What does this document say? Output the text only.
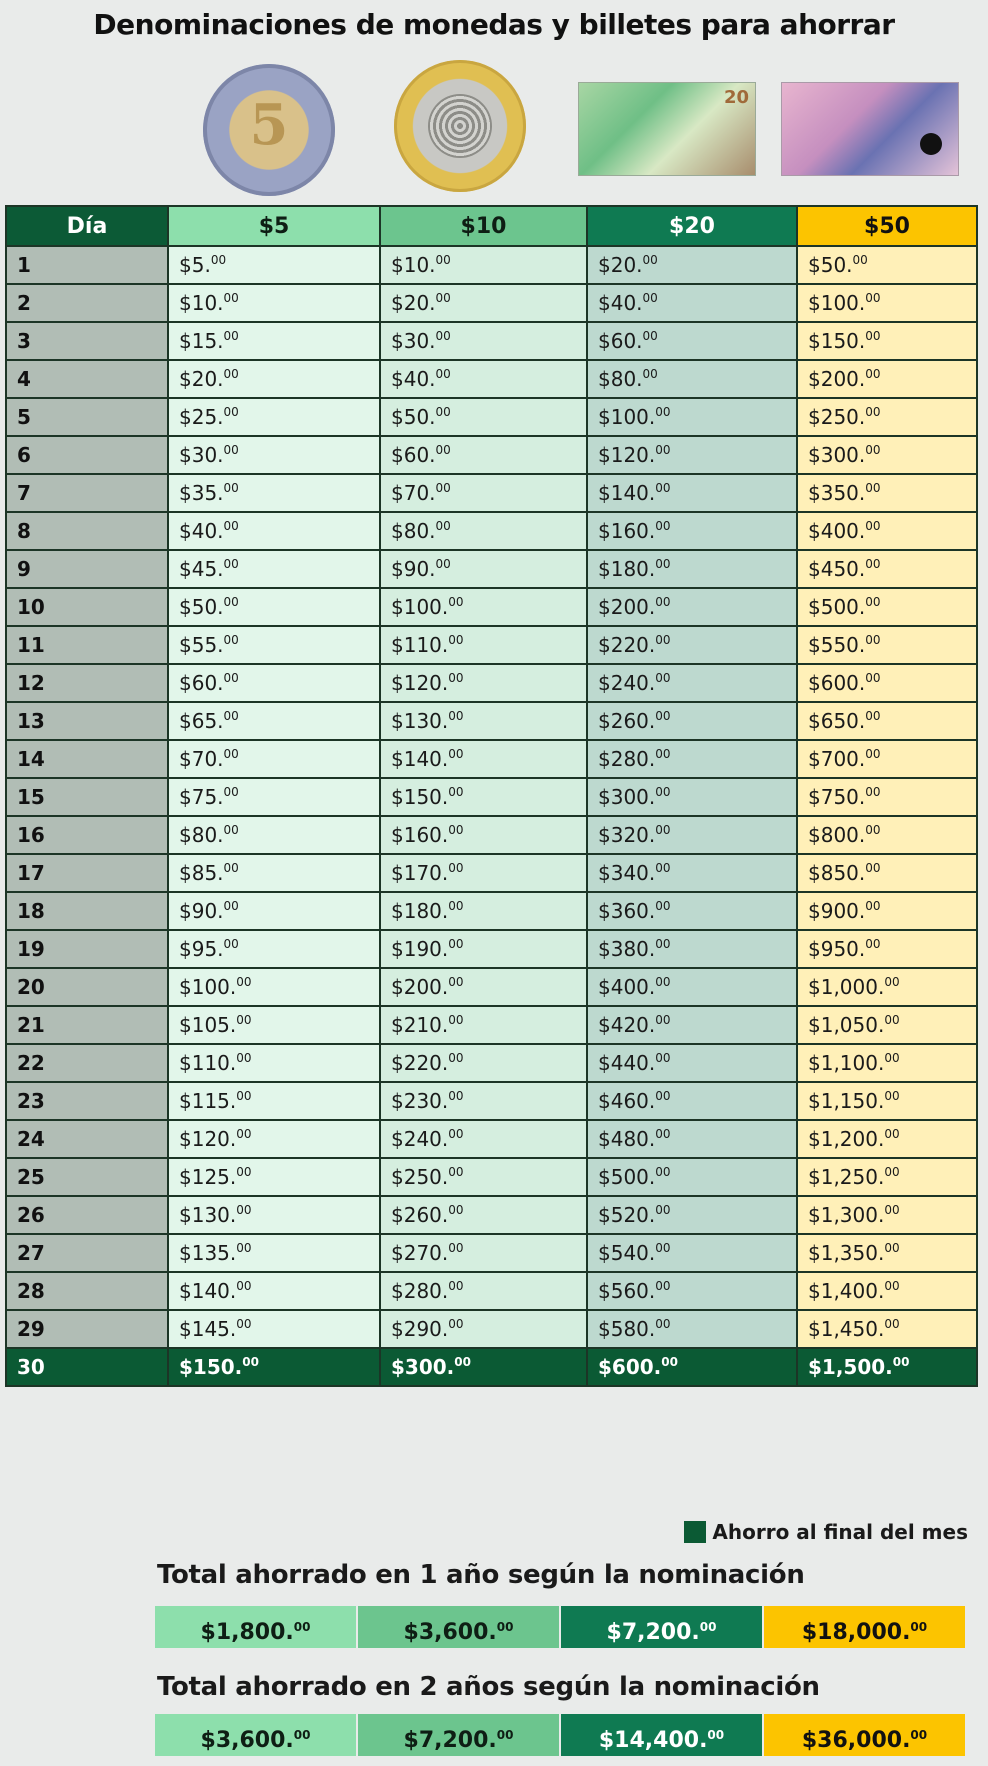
Denominaciones de monedas y billetes para ahorrar
5	20
Día	$5	$10	$20	$50
1	$5.00	$10.00	$20.00	$50.00
2	$10.00	$20.00	$40.00	$100.00
3	$15.00	$30.00	$60.00	$150.00
4	$20.00	$40.00	$80.00	$200.00
5	$25.00	$50.00	$100.00	$250.00
6	$30.00	$60.00	$120.00	$300.00
7	$35.00	$70.00	$140.00	$350.00
8	$40.00	$80.00	$160.00	$400.00
9	$45.00	$90.00	$180.00	$450.00
10	$50.00	$100.00	$200.00	$500.00
11	$55.00	$110.00	$220.00	$550.00
12	$60.00	$120.00	$240.00	$600.00
13	$65.00	$130.00	$260.00	$650.00
14	$70.00	$140.00	$280.00	$700.00
15	$75.00	$150.00	$300.00	$750.00
16	$80.00	$160.00	$320.00	$800.00
17	$85.00	$170.00	$340.00	$850.00
18	$90.00	$180.00	$360.00	$900.00
19	$95.00	$190.00	$380.00	$950.00
20	$100.00	$200.00	$400.00	$1,000.00
21	$105.00	$210.00	$420.00	$1,050.00
22	$110.00	$220.00	$440.00	$1,100.00
23	$115.00	$230.00	$460.00	$1,150.00
24	$120.00	$240.00	$480.00	$1,200.00
25	$125.00	$250.00	$500.00	$1,250.00
26	$130.00	$260.00	$520.00	$1,300.00
27	$135.00	$270.00	$540.00	$1,350.00
28	$140.00	$280.00	$560.00	$1,400.00
29	$145.00	$290.00	$580.00	$1,450.00
30	$150.00	$300.00	$600.00	$1,500.00
Ahorro al final del mes
Total ahorrado en 1 año según la nominación
$1,800.00	$3,600.00	$7,200.00	$18,000.00
Total ahorrado en 2 años según la nominación
$3,600.00	$7,200.00	$14,400.00	$36,000.00
